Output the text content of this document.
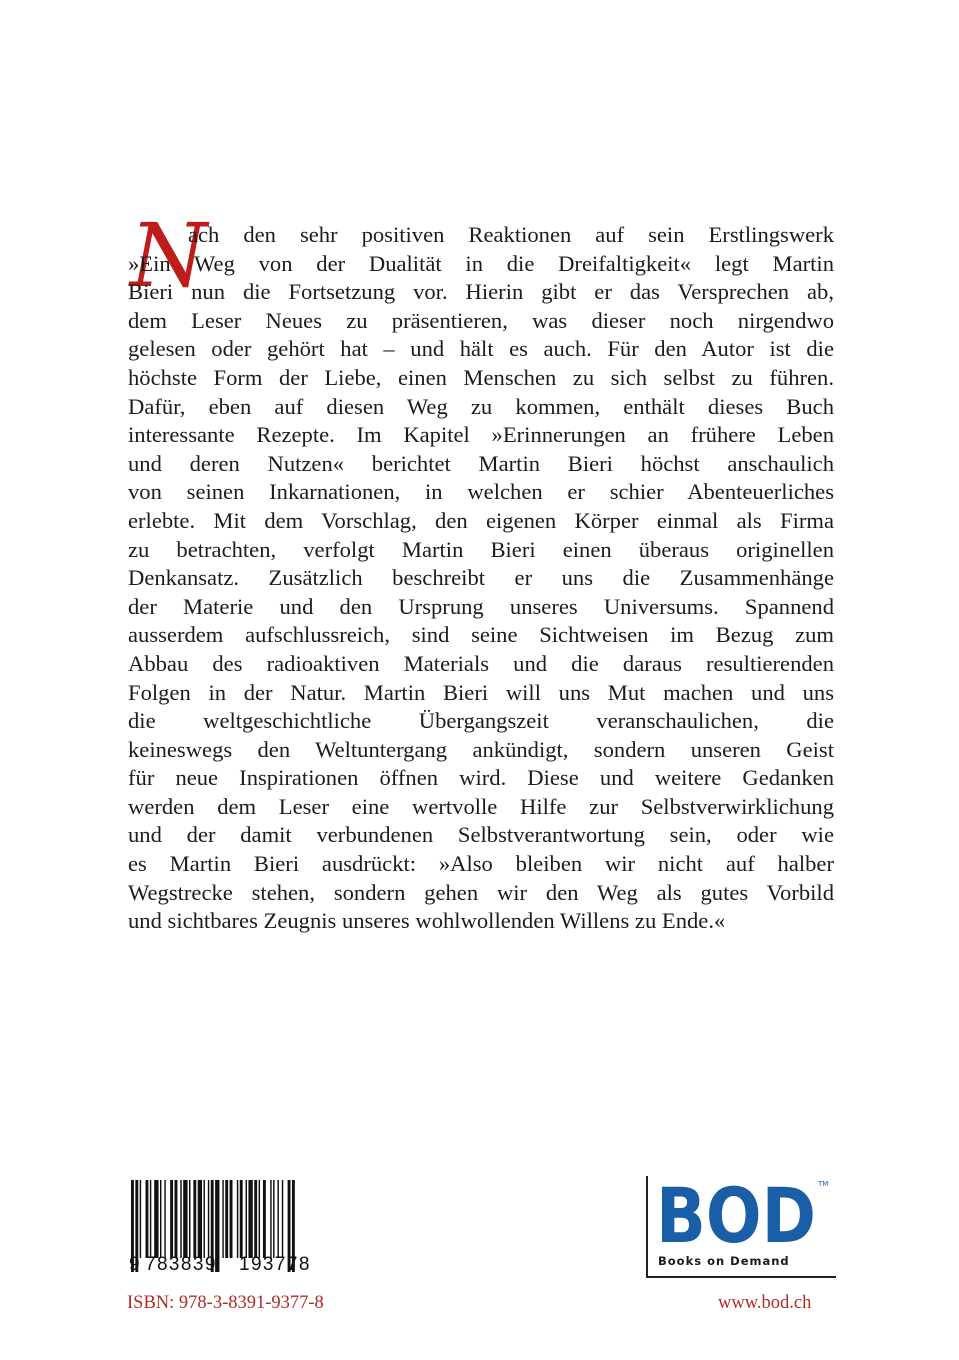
N
ach den sehr positiven Reaktionen auf sein Erstlingswerk
»Ein Weg von der Dualität in die Dreifaltigkeit« legt Martin
Bieri nun die Fortsetzung vor. Hierin gibt er das Versprechen ab,
dem Leser Neues zu präsentieren, was dieser noch nirgendwo
gelesen oder gehört hat – und hält es auch. Für den Autor ist die
höchste Form der Liebe, einen Menschen zu sich selbst zu führen.
Dafür, eben auf diesen Weg zu kommen, enthält dieses Buch
interessante Rezepte. Im Kapitel »Erinnerungen an frühere Leben
und deren Nutzen« berichtet Martin Bieri höchst anschaulich
von seinen Inkarnationen, in welchen er schier Abenteuerliches
erlebte. Mit dem Vorschlag, den eigenen Körper einmal als Firma
zu betrachten, verfolgt Martin Bieri einen überaus originellen
Denkansatz. Zusätzlich beschreibt er uns die Zusammenhänge
der Materie und den Ursprung unseres Universums. Spannend
ausserdem aufschlussreich, sind seine Sichtweisen im Bezug zum
Abbau des radioaktiven Materials und die daraus resultierenden
Folgen in der Natur. Martin Bieri will uns Mut machen und uns
die weltgeschichtliche Übergangszeit veranschaulichen, die
keineswegs den Weltuntergang ankündigt, sondern unseren Geist
für neue Inspirationen öffnen wird. Diese und weitere Gedanken
werden dem Leser eine wertvolle Hilfe zur Selbstverwirklichung
und der damit verbundenen Selbstverantwortung sein, oder wie
es Martin Bieri ausdrückt: »Also bleiben wir nicht auf halber
Wegstrecke stehen, sondern gehen wir den Weg als gutes Vorbild
und sichtbares Zeugnis unseres wohlwollenden Willens zu Ende.«
9 783839 193778
ISBN: 978-3-8391-9377-8
BOD TM
Books on Demand
www.bod.ch
